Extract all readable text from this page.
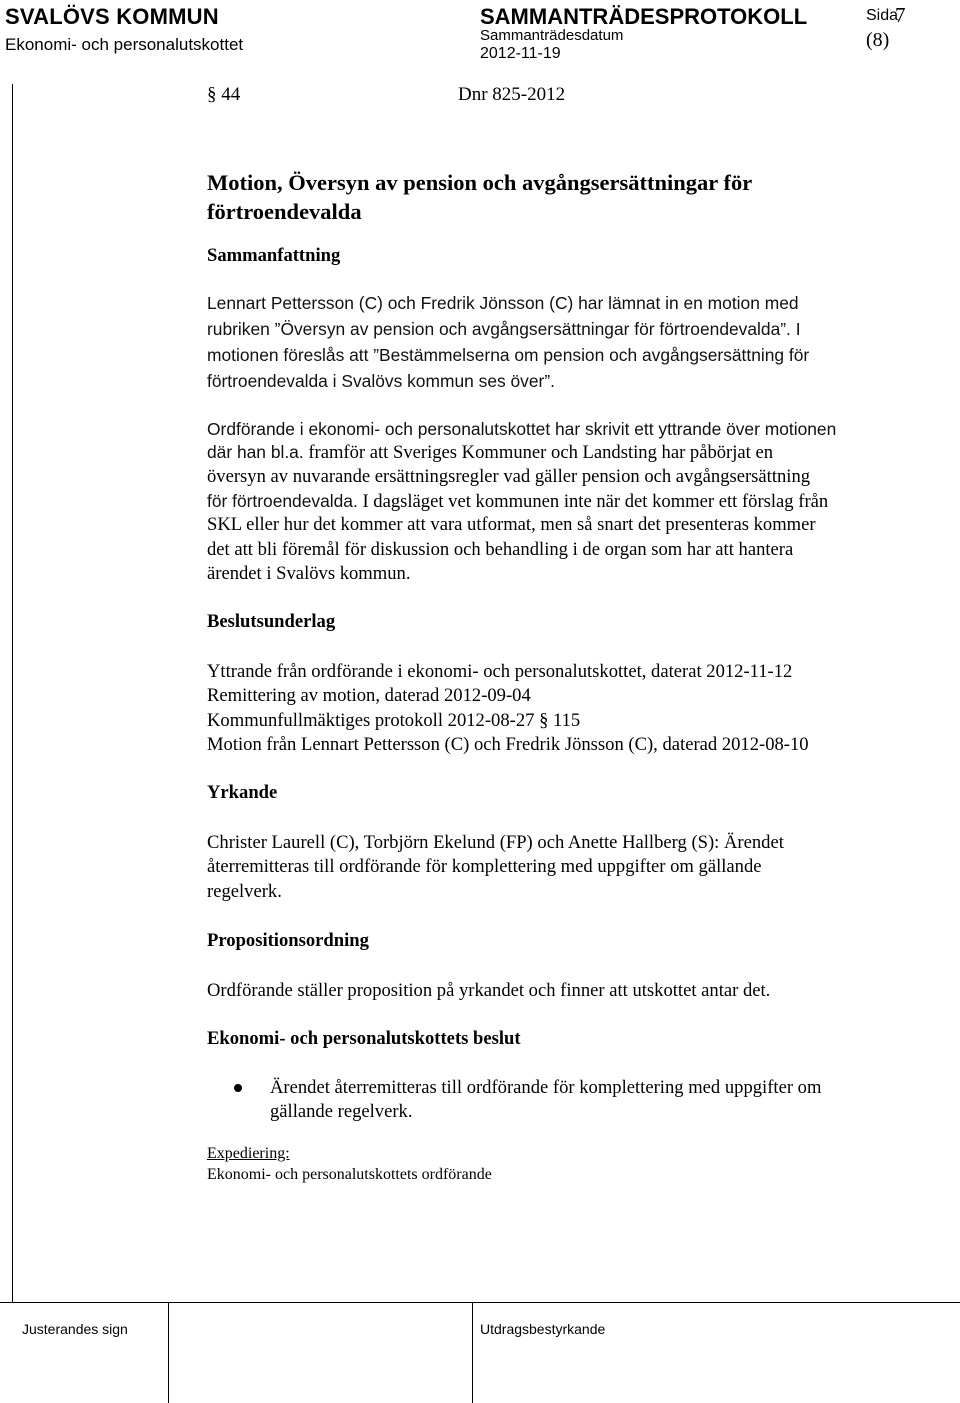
SVALÖVS KOMMUN
Ekonomi- och personalutskottet
SAMMANTRÄDESPROTOKOLL
Sammanträdesdatum
2012-11-19
Sida
7
(8)
§ 44	Dnr 825-2012
Motion, Översyn av pension och avgångsersättningar för
förtroendevalda
Sammanfattning
Lennart Pettersson (C) och Fredrik Jönsson (C) har lämnat in en motion med
rubriken ”Översyn av pension och avgångsersättningar för förtroendevalda”. I
motionen föreslås att ”Bestämmelserna om pension och avgångsersättning för
förtroendevalda i Svalövs kommun ses över”.
Ordförande i ekonomi- och personalutskottet har skrivit ett yttrande över motionen
där han bl.a. framför att Sveriges Kommuner och Landsting har påbörjat en
översyn av nuvarande ersättningsregler vad gäller pension och avgångsersättning
för förtroendevalda. I dagsläget vet kommunen inte när det kommer ett förslag från
SKL eller hur det kommer att vara utformat, men så snart det presenteras kommer
det att bli föremål för diskussion och behandling i de organ som har att hantera
ärendet i Svalövs kommun.
Beslutsunderlag
Yttrande från ordförande i ekonomi- och personalutskottet, daterat 2012-11-12
Remittering av motion, daterad 2012-09-04
Kommunfullmäktiges protokoll 2012-08-27 § 115
Motion från Lennart Pettersson (C) och Fredrik Jönsson (C), daterad 2012-08-10
Yrkande
Christer Laurell (C), Torbjörn Ekelund (FP) och Anette Hallberg (S): Ärendet
återremitteras till ordförande för komplettering med uppgifter om gällande
regelverk.
Propositionsordning
Ordförande ställer proposition på yrkandet och finner att utskottet antar det.
Ekonomi- och personalutskottets beslut
Ärendet återremitteras till ordförande för komplettering med uppgifter om
gällande regelverk.
Expediering:
Ekonomi- och personalutskottets ordförande
Justerandes sign	Utdragsbestyrkande
